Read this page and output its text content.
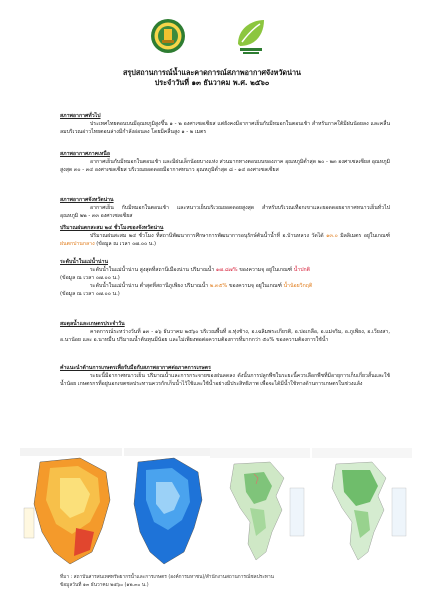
สรุปสถานการณ์น้ำและคาดการณ์สภาพอากาศจังหวัดน่าน
ประจำวันที่ ๑๓ ธันวาคม พ.ศ. ๒๕๖๐
สภาพอากาศทั่วไป
ประเทศไทยตอนบนมีอุณหภูมิสูงขึ้น ๑ - ๒ องศาเซลเซียส แต่ยังคงมีอากาศเย็นกับมีหมอกในตอนเช้า สำหรับภาคใต้มีฝนน้อยลง และคลื่นลมบริเวณอ่าวไทยตอนล่างมีกำลังอ่อนลง โดยมีคลื่นสูง ๑ - ๒ เมตร
สภาพอากาศภาคเหนือ
อากาศเย็นกับมีหมอกในตอนเช้า และมีฝนเล็กน้อยบางแห่ง ส่วนมากทางตอนบนของภาค อุณหภูมิต่ำสุด ๒๐ - ๒๓ องศาเซลเซียส อุณหภูมิสูงสุด ๓๐ - ๓๔ องศาเซลเซียส บริเวณยอดดอยมีอากาศหนาว อุณหภูมิต่ำสุด ๘ - ๑๔ องศาเซลเซียส
สภาพอากาศจังหวัดน่าน
อากาศเย็น กับมีหมอกในตอนเช้า และหนาวเย็นบริเวณยอดดอยสูงสุด สำหรับบริเวณเทือกเขาและยอดดอยอากาศหนาวเย็นทั่วไป อุณหภูมิ ๒๒ - ๓๓ องศาเซลเซียส
ปริมาณฝนตกสะสม ๒๔ ชั่วโมงของจังหวัดน่าน
ปริมาณฝนสะสม ๒๔ ชั่วโมง ที่สถานีพัฒนาการศึกษาการพัฒนาการอนุรักษ์ต้นน้ำน้ำที่ อ.บ้านหลวง วัดได้ ๑๓.๐ มิลลิเมตร อยู่ในเกณฑ์ ฝนตกปานกลาง (ข้อมูล ณ เวลา ๐๗.๐๐ น.)
ระดับน้ำในแม่น้ำน่าน
ระดับน้ำในแม่น้ำน่าน สูงสุดที่สถานีเมืองน่าน ปริมาณน้ำ ๑๗.๘๗% ของความจุ อยู่ในเกณฑ์ น้ำปกติ
(ข้อมูล ณ เวลา ๐๗.๐๐ น.)
ระดับน้ำในแม่น้ำน่าน ต่ำสุดที่สถานีภูเพียง ปริมาณน้ำ ๒.๓๕% ของความจุ อยู่ในเกณฑ์ น้ำน้อยวิกฤติ
(ข้อมูล ณ เวลา ๐๗.๐๐ น.)
สมดุลน้ำและเกษตรประจำวัน
คาดการณ์ระหว่างวันที่ ๑๓ - ๑๖ ธันวาคม ๒๕๖๐ บริเวณพื้นที่ อ.ทุ่งช้าง, อ.เฉลิมพระเกียรติ, อ.บ่อเกลือ, อ.แม่จริม, อ.ภูเพียง, อ.เวียงสา, อ.นาน้อย และ อ.นาหมื่น ปริมาณน้ำต้นทุนมีน้อย และไม่เพียงพอต่อความต้องการที่มากกว่า ๕๐% ของความต้องการใช้น้ำ
คำแนะนำด้านการเกษตรเพื่อรับมือกับสภาพอากาศต่อภาคการเกษตร
ระยะนี้มีอากาศหนาวเย็น ปริมาณน้ำและการกระจายของฝนลดลง ดังนั้นการปลูกพืชในระยะนี้ควรเลือกพืชที่มีอายุการเก็บเกี่ยวสั้นและใช้น้ำน้อย เกษตรกรที่อยู่นอกเขตชลประทานควรกักเก็บน้ำไว้ใช้และใช้น้ำอย่างมีประสิทธิภาพ เพื่อจะได้มีน้ำใช้ทางด้านการเกษตรในช่วงแล้ง
ที่มา : สถาบันสารสนเทศทรัพยากรน้ำและการเกษตร (องค์การมหาชน)/สำนักงานสถานการณ์ชลประทาน
ข้อมูลวันที่ ๑๓ ธันวาคม ๒๕๖๐ (๑๒.๓๐ น.)
